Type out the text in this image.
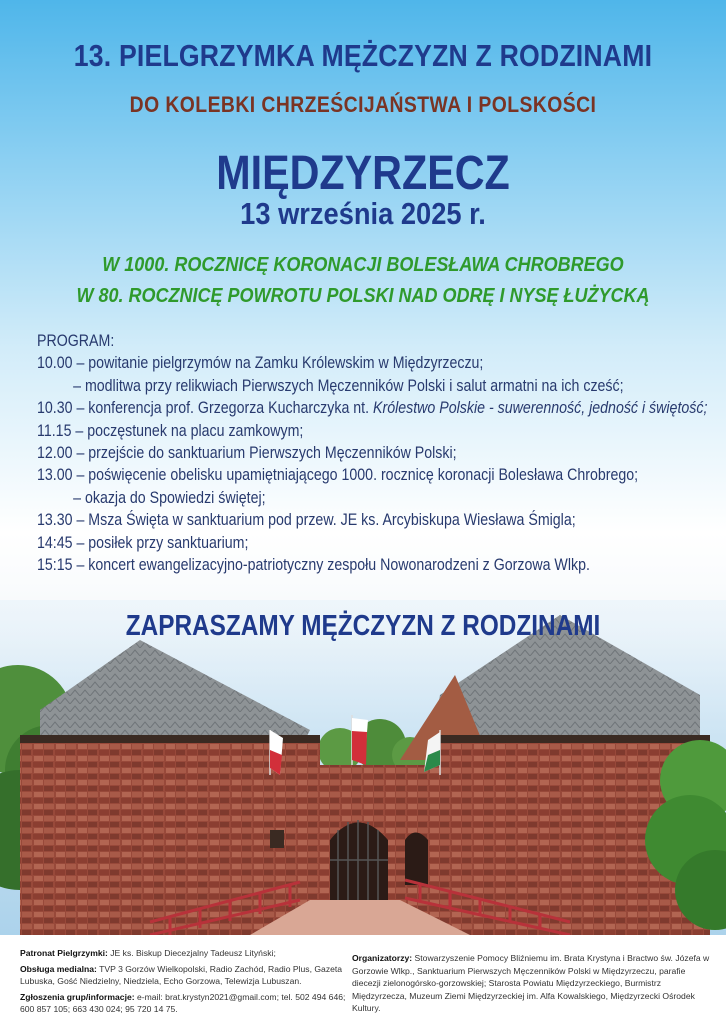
13. PIELGRZYMKA MĘŻCZYZN Z RODZINAMI
DO KOLEBKI CHRZEŚCIJAŃSTWA I POLSKOŚCI
MIĘDZYRZECZ
13 września 2025 r.
W 1000. ROCZNICĘ KORONACJI BOLESŁAWA CHROBREGO
W 80. ROCZNICĘ POWROTU POLSKI NAD ODRĘ I NYSĘ ŁUŻYCKĄ
PROGRAM:
10.00 – powitanie pielgrzymów na Zamku Królewskim w Międzyrzeczu;
– modlitwa przy relikwiach Pierwszych Męczenników Polski i salut armatni na ich cześć;
10.30 – konferencja prof. Grzegorza Kucharczyka nt. Królestwo Polskie - suwerenność, jedność i świętość;
11.15 – poczęstunek na placu zamkowym;
12.00 – przejście do sanktuarium Pierwszych Męczenników Polski;
13.00 – poświęcenie obelisku upamiętniającego 1000. rocznicę koronacji Bolesława Chrobrego;
– okazja do Spowiedzi świętej;
13.30 – Msza Święta w sanktuarium pod przew. JE ks. Arcybiskupa Wiesława Śmigla;
14:45 – posiłek przy sanktuarium;
15:15 – koncert ewangelizacyjno-patriotyczny zespołu Nowonarodzeni z Gorzowa Wlkp.
ZAPRASZAMY MĘŻCZYZN Z RODZINAMI
Patronat Pielgrzymki: JE ks. Biskup Diecezjalny Tadeusz Lityński;
Obsługa medialna: TVP 3 Gorzów Wielkopolski, Radio Zachód, Radio Plus, Gazeta Lubuska, Gość Niedzielny, Niedziela, Echo Gorzowa, Telewizja Lubuszan.
Zgłoszenia grup/informacje: e-mail: brat.krystyn2021@gmail.com; tel. 502 494 646; 600 857 105; 663 430 024; 95 720 14 75.
Organizatorzy: Stowarzyszenie Pomocy Bliźniemu im. Brata Krystyna i Bractwo św. Józefa w Gorzowie Wlkp., Sanktuarium Pierwszych Męczenników Polski w Międzyrzeczu, parafie diecezji zielonogórsko-gorzowskiej; Starosta Powiatu Międzyrzeckiego, Burmistrz Międzyrzecza, Muzeum Ziemi Międzyrzeckiej im. Alfa Kowalskiego, Międzyrzecki Ośrodek Kultury.
